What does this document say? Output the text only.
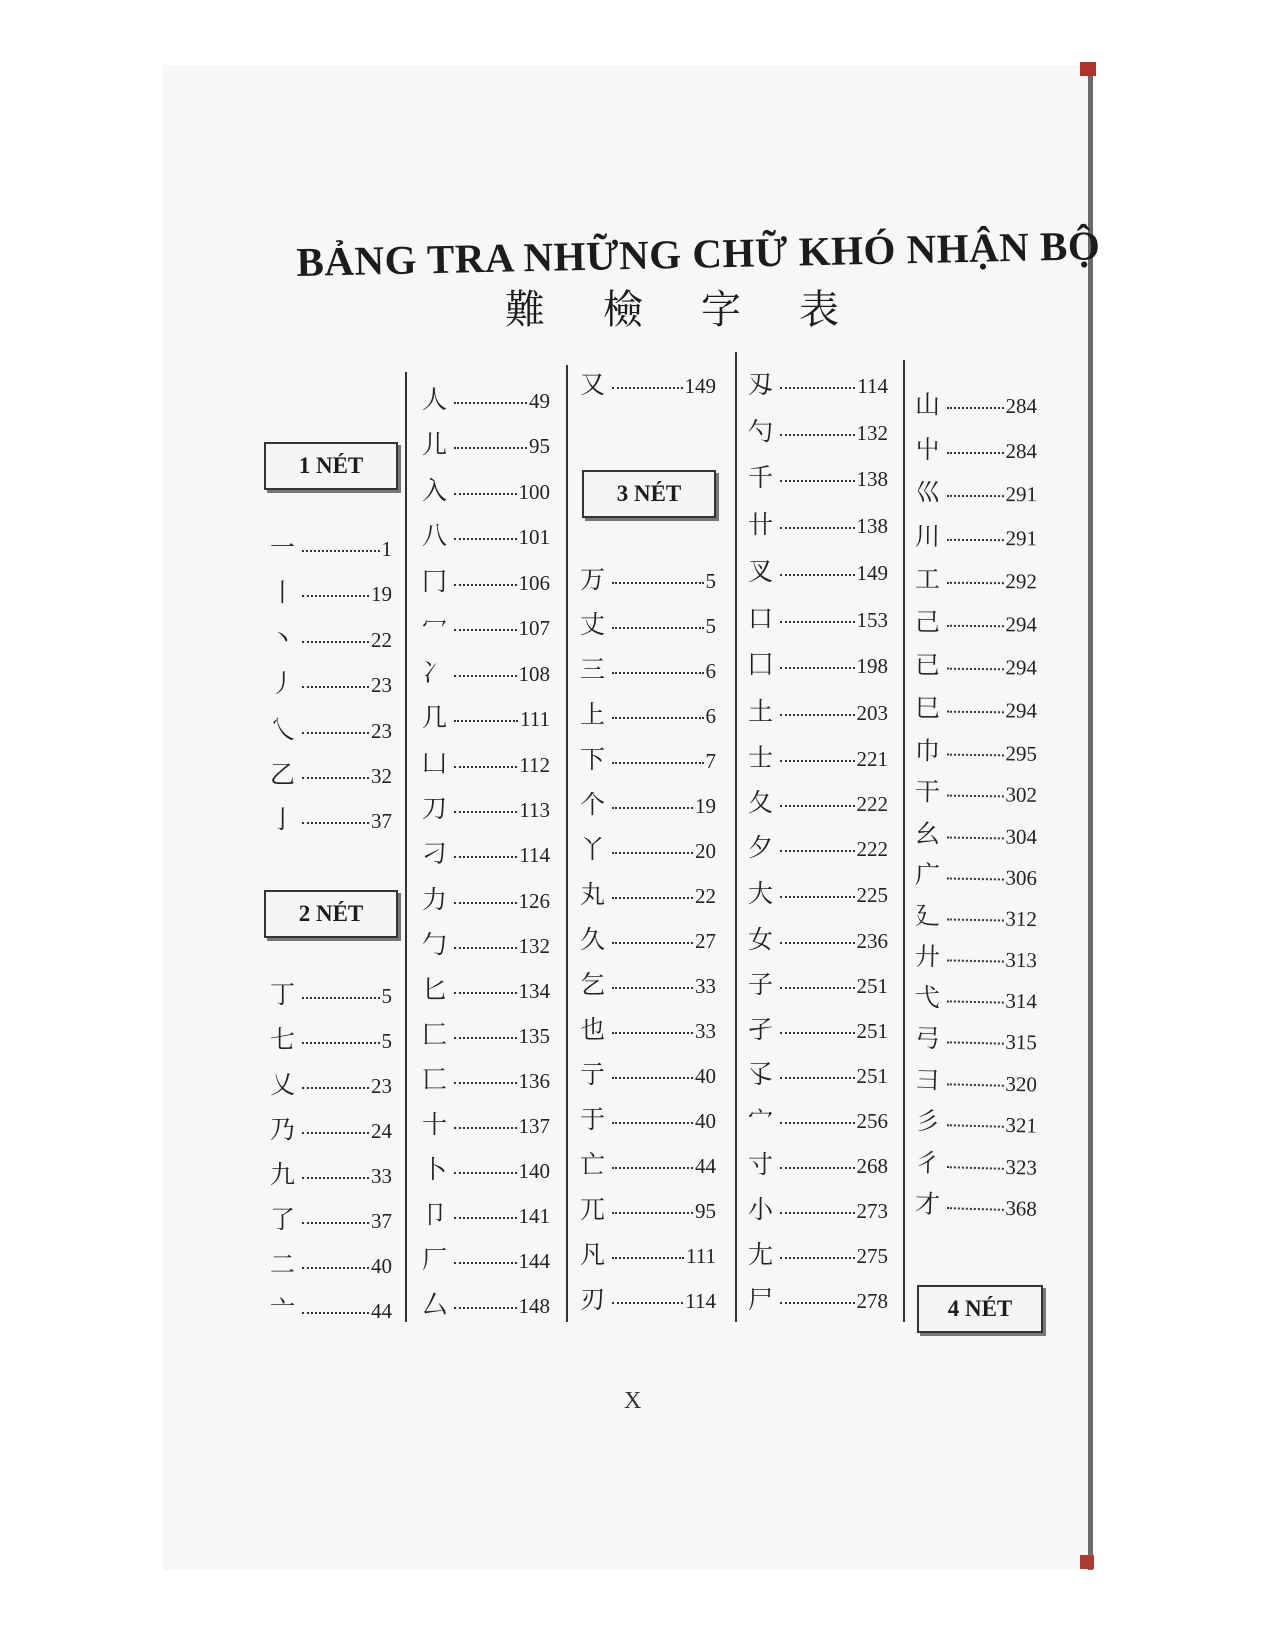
BẢNG TRA NHỮNG CHỮ KHÓ NHẬN BỘ
難檢字表
1 NÉT
一	1
丨	19
丶	22
丿	23
乀	23
乙	32
亅	37
2 NÉT
丁	5
七	5
乂	23
乃	24
九	33
了	37
二	40
亠	44
人	49
儿	95
入	100
八	101
冂	106
冖	107
冫	108
几	111
凵	112
刀	113
刁	114
力	126
勹	132
匕	134
匚	135
匸	136
十	137
卜	140
卩	141
厂	144
厶	148
又	149
3 NÉT
万	5
丈	5
三	6
上	6
下	7
个	19
丫	20
丸	22
久	27
乞	33
也	33
亍	40
于	40
亡	44
兀	95
凡	111
刃	114
刄	114
勺	132
千	138
卄	138
叉	149
口	153
囗	198
土	203
士	221
夂	222
夕	222
大	225
女	236
子	251
孑	251
孓	251
宀	256
寸	268
小	273
尢	275
尸	278
山	284
屮	284
巛	291
川	291
工	292
己	294
已	294
巳	294
巾	295
干	302
幺	304
广	306
廴	312
廾	313
弋	314
弓	315
彐	320
彡	321
彳	323
才	368
4 NÉT
X
